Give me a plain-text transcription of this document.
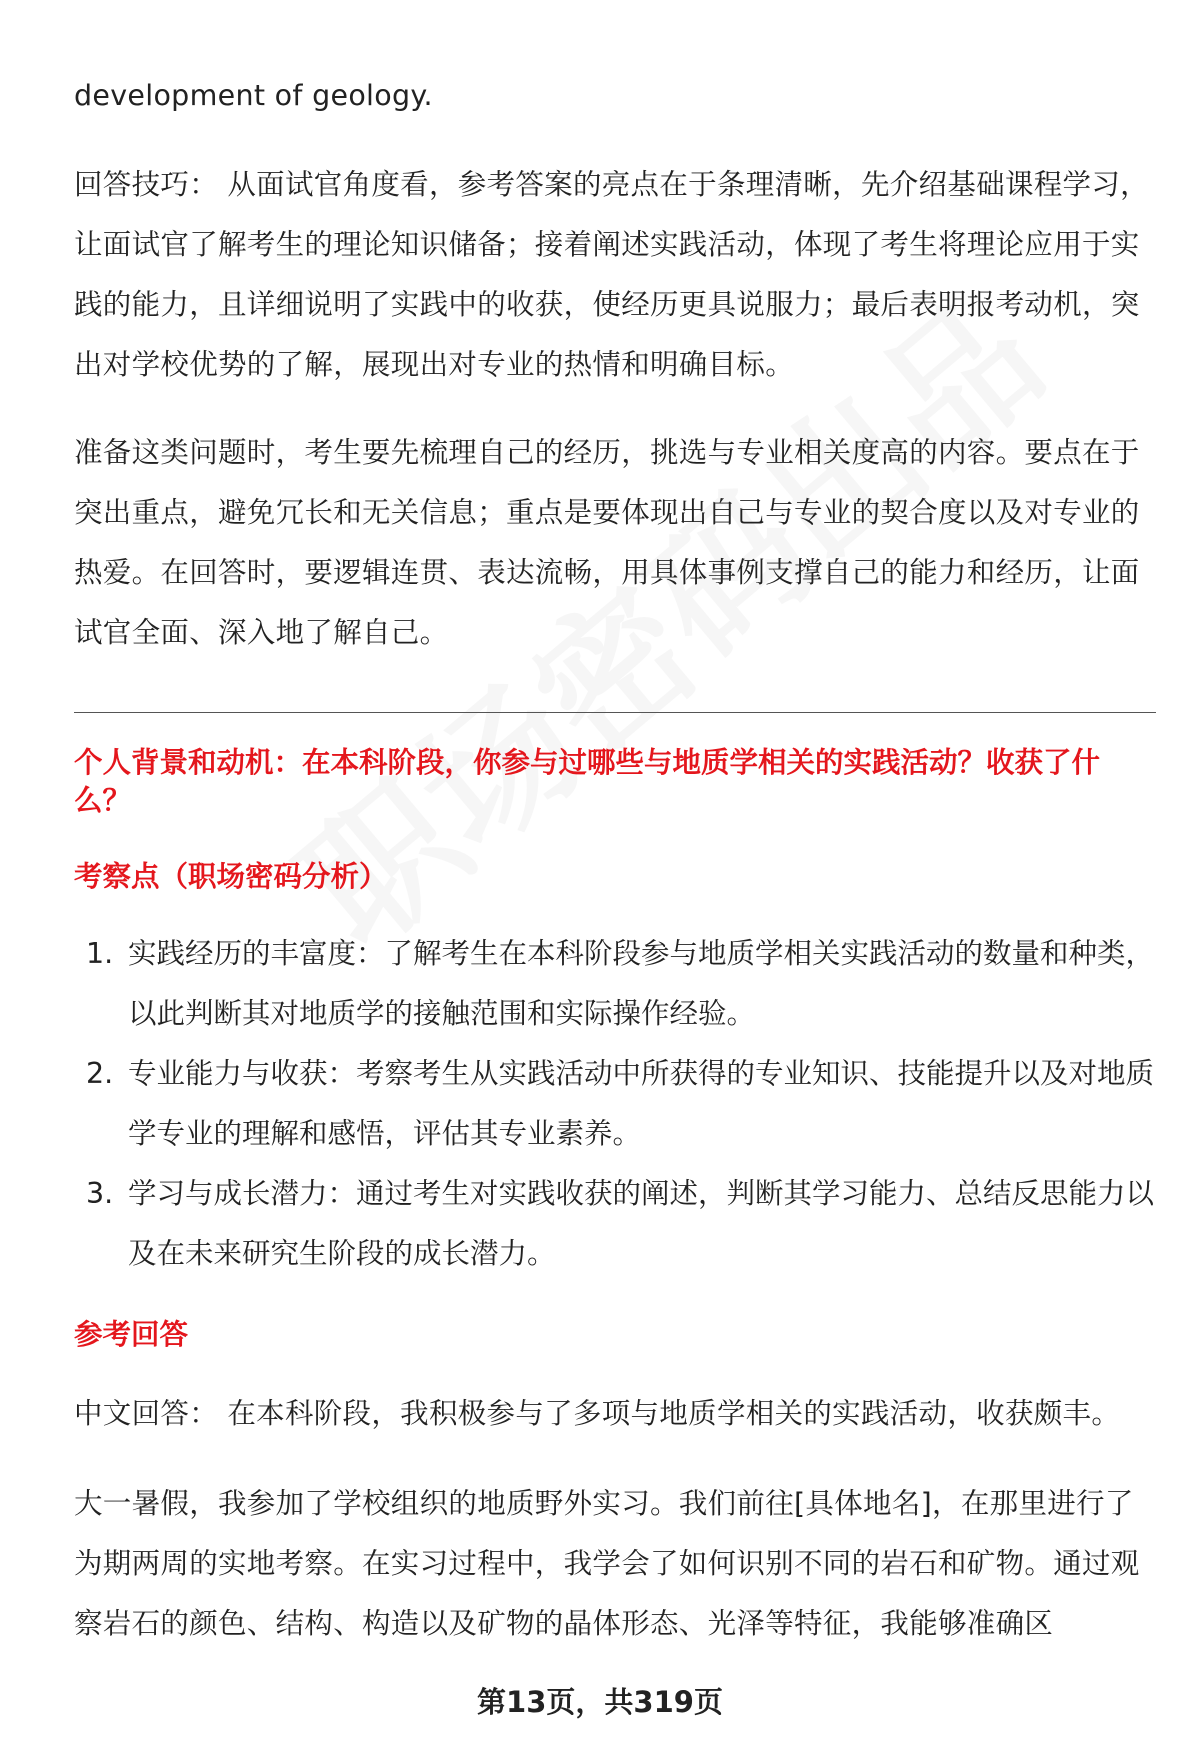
development of geology.

回答技巧： 从面试官角度看，参考答案的亮点在于条理清晰，先介绍基础课程学习，让面试官了解考生的理论知识储备；接着阐述实践活动，体现了考生将理论应用于实践的能力，且详细说明了实践中的收获，使经历更具说服力；最后表明报考动机，突出对学校优势的了解，展现出对专业的热情和明确目标。

准备这类问题时，考生要先梳理自己的经历，挑选与专业相关度高的内容。要点在于突出重点，避免冗长和无关信息；重点是要体现出自己与专业的契合度以及对专业的热爱。在回答时，要逻辑连贯、表达流畅，用具体事例支撑自己的能力和经历，让面试官全面、深入地了解自己。

个人背景和动机：在本科阶段，你参与过哪些与地质学相关的实践活动？收获了什么？

考察点（职场密码分析）

1. 实践经历的丰富度：了解考生在本科阶段参与地质学相关实践活动的数量和种类，以此判断其对地质学的接触范围和实际操作经验。
2. 专业能力与收获：考察考生从实践活动中所获得的专业知识、技能提升以及对地质学专业的理解和感悟，评估其专业素养。
3. 学习与成长潜力：通过考生对实践收获的阐述，判断其学习能力、总结反思能力以及在未来研究生阶段的成长潜力。

参考回答

中文回答： 在本科阶段，我积极参与了多项与地质学相关的实践活动，收获颇丰。

大一暑假，我参加了学校组织的地质野外实习。我们前往[具体地名]，在那里进行了为期两周的实地考察。在实习过程中，我学会了如何识别不同的岩石和矿物。通过观察岩石的颜色、结构、构造以及矿物的晶体形态、光泽等特征，我能够准确区

第13页，共319页
